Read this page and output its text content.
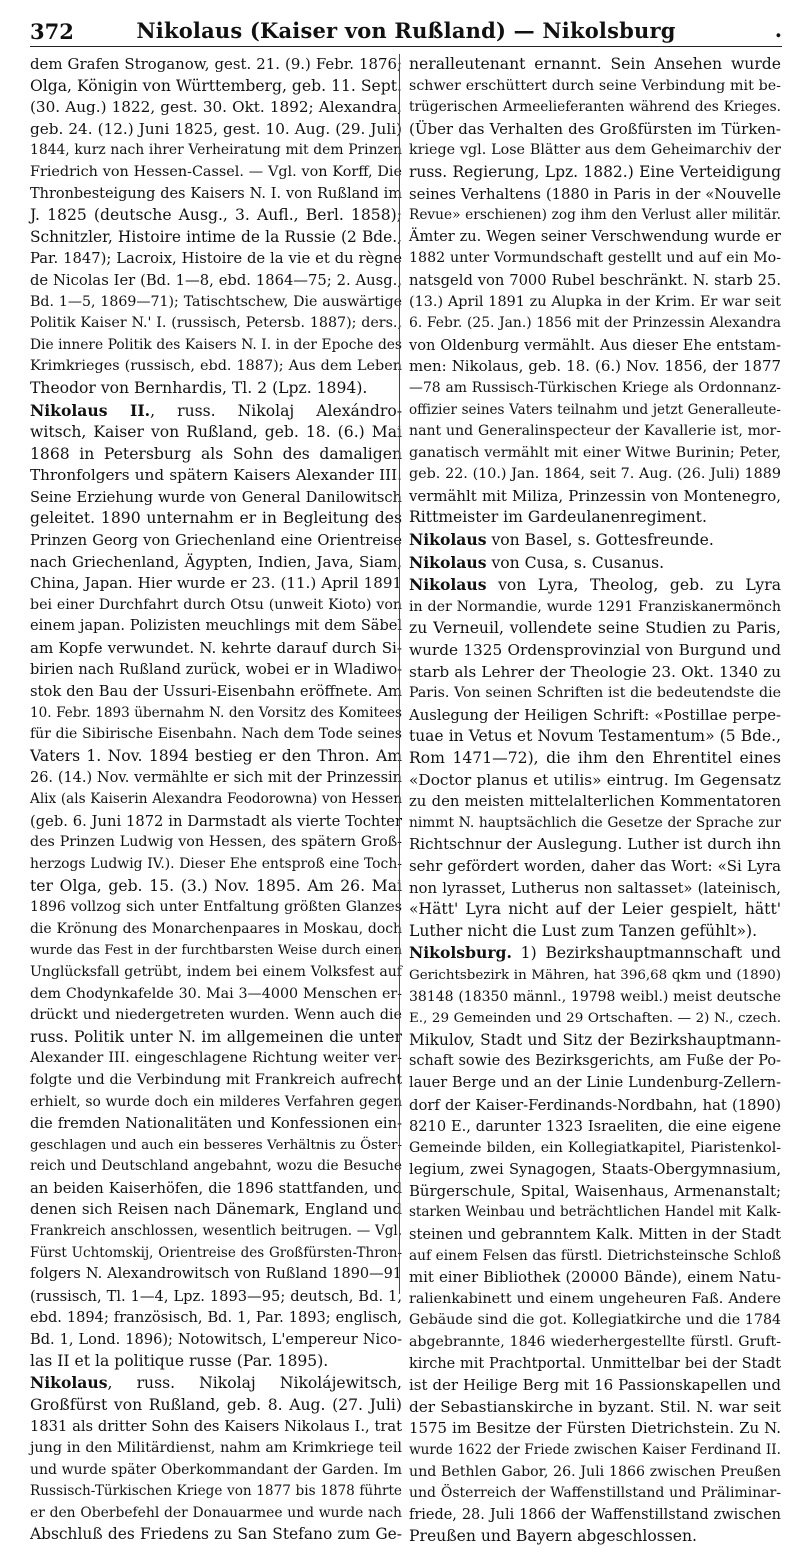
372	Nikolaus (Kaiser von Rußland) — Nikolsburg	.
dem Grafen Stroganow, gest. 21. (9.) Febr. 1876;
Olga, Königin von Württemberg, geb. 11. Sept.
(30. Aug.) 1822, gest. 30. Okt. 1892; Alexandra,
geb. 24. (12.) Juni 1825, gest. 10. Aug. (29. Juli)
1844, kurz nach ihrer Verheiratung mit dem Prinzen
Friedrich von Hessen-Cassel. — Vgl. von Korff, Die
Thronbesteigung des Kaisers N. I. von Rußland im
J. 1825 (deutsche Ausg., 3. Aufl., Berl. 1858);
Schnitzler, Histoire intime de la Russie (2 Bde.,
Par. 1847); Lacroix, Histoire de la vie et du règne
de Nicolas Ier (Bd. 1—8, ebd. 1864—75; 2. Ausg.,
Bd. 1—5, 1869—71); Tatischtschew, Die auswärtige
Politik Kaiser N.' I. (russisch, Petersb. 1887); ders.,
Die innere Politik des Kaisers N. I. in der Epoche des
Krimkrieges (russisch, ebd. 1887); Aus dem Leben
Theodor von Bernhardis, Tl. 2 (Lpz. 1894).
Nikolaus II., russ. Nikolaj Alexándro-
witsch, Kaiser von Rußland, geb. 18. (6.) Mai
1868 in Petersburg als Sohn des damaligen
Thronfolgers und spätern Kaisers Alexander III.
Seine Erziehung wurde von General Danilowitsch
geleitet. 1890 unternahm er in Begleitung des
Prinzen Georg von Griechenland eine Orientreise
nach Griechenland, Ägypten, Indien, Java, Siam,
China, Japan. Hier wurde er 23. (11.) April 1891
bei einer Durchfahrt durch Otsu (unweit Kioto) von
einem japan. Polizisten meuchlings mit dem Säbel
am Kopfe verwundet. N. kehrte darauf durch Si-
birien nach Rußland zurück, wobei er in Wladiwo-
stok den Bau der Ussuri-Eisenbahn eröffnete. Am
10. Febr. 1893 übernahm N. den Vorsitz des Komitees
für die Sibirische Eisenbahn. Nach dem Tode seines
Vaters 1. Nov. 1894 bestieg er den Thron. Am
26. (14.) Nov. vermählte er sich mit der Prinzessin
Alix (als Kaiserin Alexandra Feodorowna) von Hessen
(geb. 6. Juni 1872 in Darmstadt als vierte Tochter
des Prinzen Ludwig von Hessen, des spätern Groß-
herzogs Ludwig IV.). Dieser Ehe entsproß eine Toch-
ter Olga, geb. 15. (3.) Nov. 1895. Am 26. Mai
1896 vollzog sich unter Entfaltung größten Glanzes
die Krönung des Monarchenpaares in Moskau, doch
wurde das Fest in der furchtbarsten Weise durch einen
Unglücksfall getrübt, indem bei einem Volksfest auf
dem Chodynkafelde 30. Mai 3—4000 Menschen er-
drückt und niedergetreten wurden. Wenn auch die
russ. Politik unter N. im allgemeinen die unter
Alexander III. eingeschlagene Richtung weiter ver-
folgte und die Verbindung mit Frankreich aufrecht
erhielt, so wurde doch ein milderes Verfahren gegen
die fremden Nationalitäten und Konfessionen ein-
geschlagen und auch ein besseres Verhältnis zu Öster-
reich und Deutschland angebahnt, wozu die Besuche
an beiden Kaiserhöfen, die 1896 stattfanden, und
denen sich Reisen nach Dänemark, England und
Frankreich anschlossen, wesentlich beitrugen. — Vgl.
Fürst Uchtomskij, Orientreise des Großfürsten-Thron-
folgers N. Alexandrowitsch von Rußland 1890—91
(russisch, Tl. 1—4, Lpz. 1893—95; deutsch, Bd. 1,
ebd. 1894; französisch, Bd. 1, Par. 1893; englisch,
Bd. 1, Lond. 1896); Notowitsch, L'empereur Nico-
las II et la politique russe (Par. 1895).
Nikolaus, russ. Nikolaj Nikolájewitsch,
Großfürst von Rußland, geb. 8. Aug. (27. Juli)
1831 als dritter Sohn des Kaisers Nikolaus I., trat
jung in den Militärdienst, nahm am Krimkriege teil
und wurde später Oberkommandant der Garden. Im
Russisch-Türkischen Kriege von 1877 bis 1878 führte
er den Oberbefehl der Donauarmee und wurde nach
Abschluß des Friedens zu San Stefano zum Ge-
neralleutenant ernannt. Sein Ansehen wurde
schwer erschüttert durch seine Verbindung mit be-
trügerischen Armeelieferanten während des Krieges.
(Über das Verhalten des Großfürsten im Türken-
kriege vgl. Lose Blätter aus dem Geheimarchiv der
russ. Regierung, Lpz. 1882.) Eine Verteidigung
seines Verhaltens (1880 in Paris in der «Nouvelle
Revue» erschienen) zog ihm den Verlust aller militär.
Ämter zu. Wegen seiner Verschwendung wurde er
1882 unter Vormundschaft gestellt und auf ein Mo-
natsgeld von 7000 Rubel beschränkt. N. starb 25.
(13.) April 1891 zu Alupka in der Krim. Er war seit
6. Febr. (25. Jan.) 1856 mit der Prinzessin Alexandra
von Oldenburg vermählt. Aus dieser Ehe entstam-
men: Nikolaus, geb. 18. (6.) Nov. 1856, der 1877
—78 am Russisch-Türkischen Kriege als Ordonnanz-
offizier seines Vaters teilnahm und jetzt Generalleute-
nant und Generalinspecteur der Kavallerie ist, mor-
ganatisch vermählt mit einer Witwe Burinin; Peter,
geb. 22. (10.) Jan. 1864, seit 7. Aug. (26. Juli) 1889
vermählt mit Miliza, Prinzessin von Montenegro,
Rittmeister im Gardeulanenregiment.
Nikolaus von Basel, s. Gottesfreunde.
Nikolaus von Cusa, s. Cusanus.
Nikolaus von Lyra, Theolog, geb. zu Lyra
in der Normandie, wurde 1291 Franziskanermönch
zu Verneuil, vollendete seine Studien zu Paris,
wurde 1325 Ordensprovinzial von Burgund und
starb als Lehrer der Theologie 23. Okt. 1340 zu
Paris. Von seinen Schriften ist die bedeutendste die
Auslegung der Heiligen Schrift: «Postillae perpe-
tuae in Vetus et Novum Testamentum» (5 Bde.,
Rom 1471—72), die ihm den Ehrentitel eines
«Doctor planus et utilis» eintrug. Im Gegensatz
zu den meisten mittelalterlichen Kommentatoren
nimmt N. hauptsächlich die Gesetze der Sprache zur
Richtschnur der Auslegung. Luther ist durch ihn
sehr gefördert worden, daher das Wort: «Si Lyra
non lyrasset, Lutherus non saltasset» (lateinisch,
«Hätt' Lyra nicht auf der Leier gespielt, hätt'
Luther nicht die Lust zum Tanzen gefühlt»).
Nikolsburg. 1) Bezirkshauptmannschaft und
Gerichtsbezirk in Mähren, hat 396,68 qkm und (1890)
38148 (18350 männl., 19798 weibl.) meist deutsche
E., 29 Gemeinden und 29 Ortschaften. — 2) N., czech.
Mikulov, Stadt und Sitz der Bezirkshauptmann-
schaft sowie des Bezirksgerichts, am Fuße der Po-
lauer Berge und an der Linie Lundenburg-Zellern-
dorf der Kaiser-Ferdinands-Nordbahn, hat (1890)
8210 E., darunter 1323 Israeliten, die eine eigene
Gemeinde bilden, ein Kollegiatkapitel, Piaristenkol-
legium, zwei Synagogen, Staats-Obergymnasium,
Bürgerschule, Spital, Waisenhaus, Armenanstalt;
starken Weinbau und beträchtlichen Handel mit Kalk-
steinen und gebranntem Kalk. Mitten in der Stadt
auf einem Felsen das fürstl. Dietrichsteinsche Schloß
mit einer Bibliothek (20000 Bände), einem Natu-
ralienkabinett und einem ungeheuren Faß. Andere
Gebäude sind die got. Kollegiatkirche und die 1784
abgebrannte, 1846 wiederhergestellte fürstl. Gruft-
kirche mit Prachtportal. Unmittelbar bei der Stadt
ist der Heilige Berg mit 16 Passionskapellen und
der Sebastianskirche in byzant. Stil. N. war seit
1575 im Besitze der Fürsten Dietrichstein. Zu N.
wurde 1622 der Friede zwischen Kaiser Ferdinand II.
und Bethlen Gabor, 26. Juli 1866 zwischen Preußen
und Österreich der Waffenstillstand und Präliminar-
friede, 28. Juli 1866 der Waffenstillstand zwischen
Preußen und Bayern abgeschlossen.
